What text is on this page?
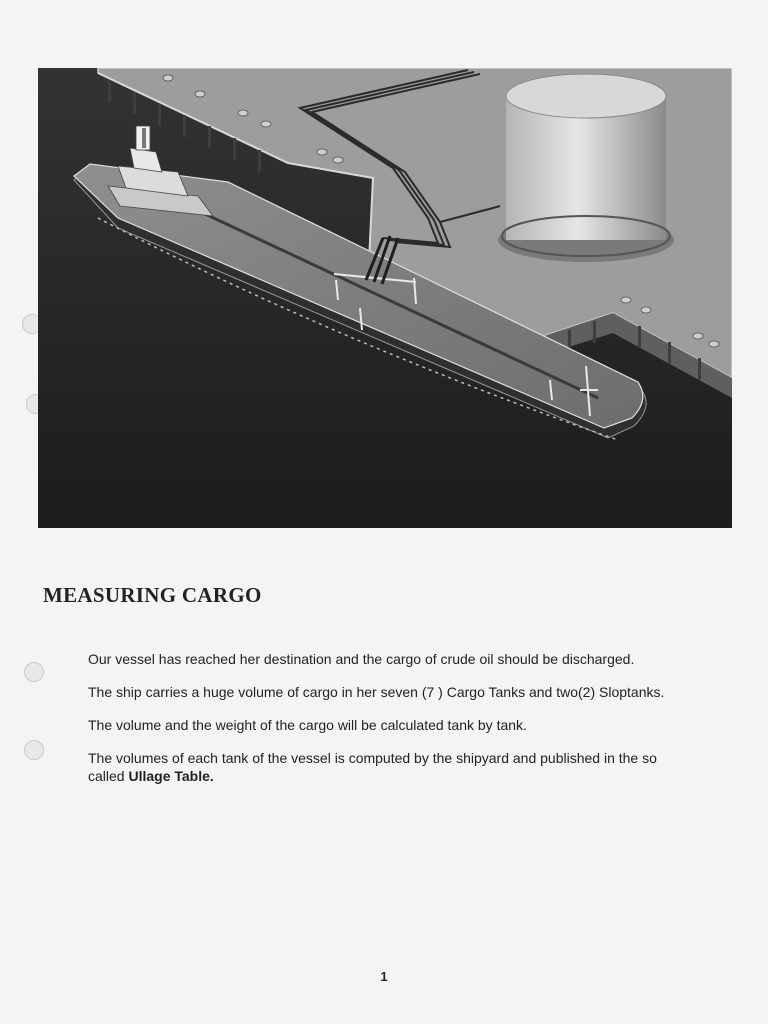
MEASURING CARGO

Our vessel has reached her destination and the cargo of crude oil should be discharged.

The ship carries a huge volume of cargo in her seven (7 ) Cargo Tanks and two(2) Sloptanks.

The volume and the weight of the cargo will be calculated tank by tank.

The volumes of each tank of the vessel is computed by the shipyard and published in the so called Ullage Table.

1
